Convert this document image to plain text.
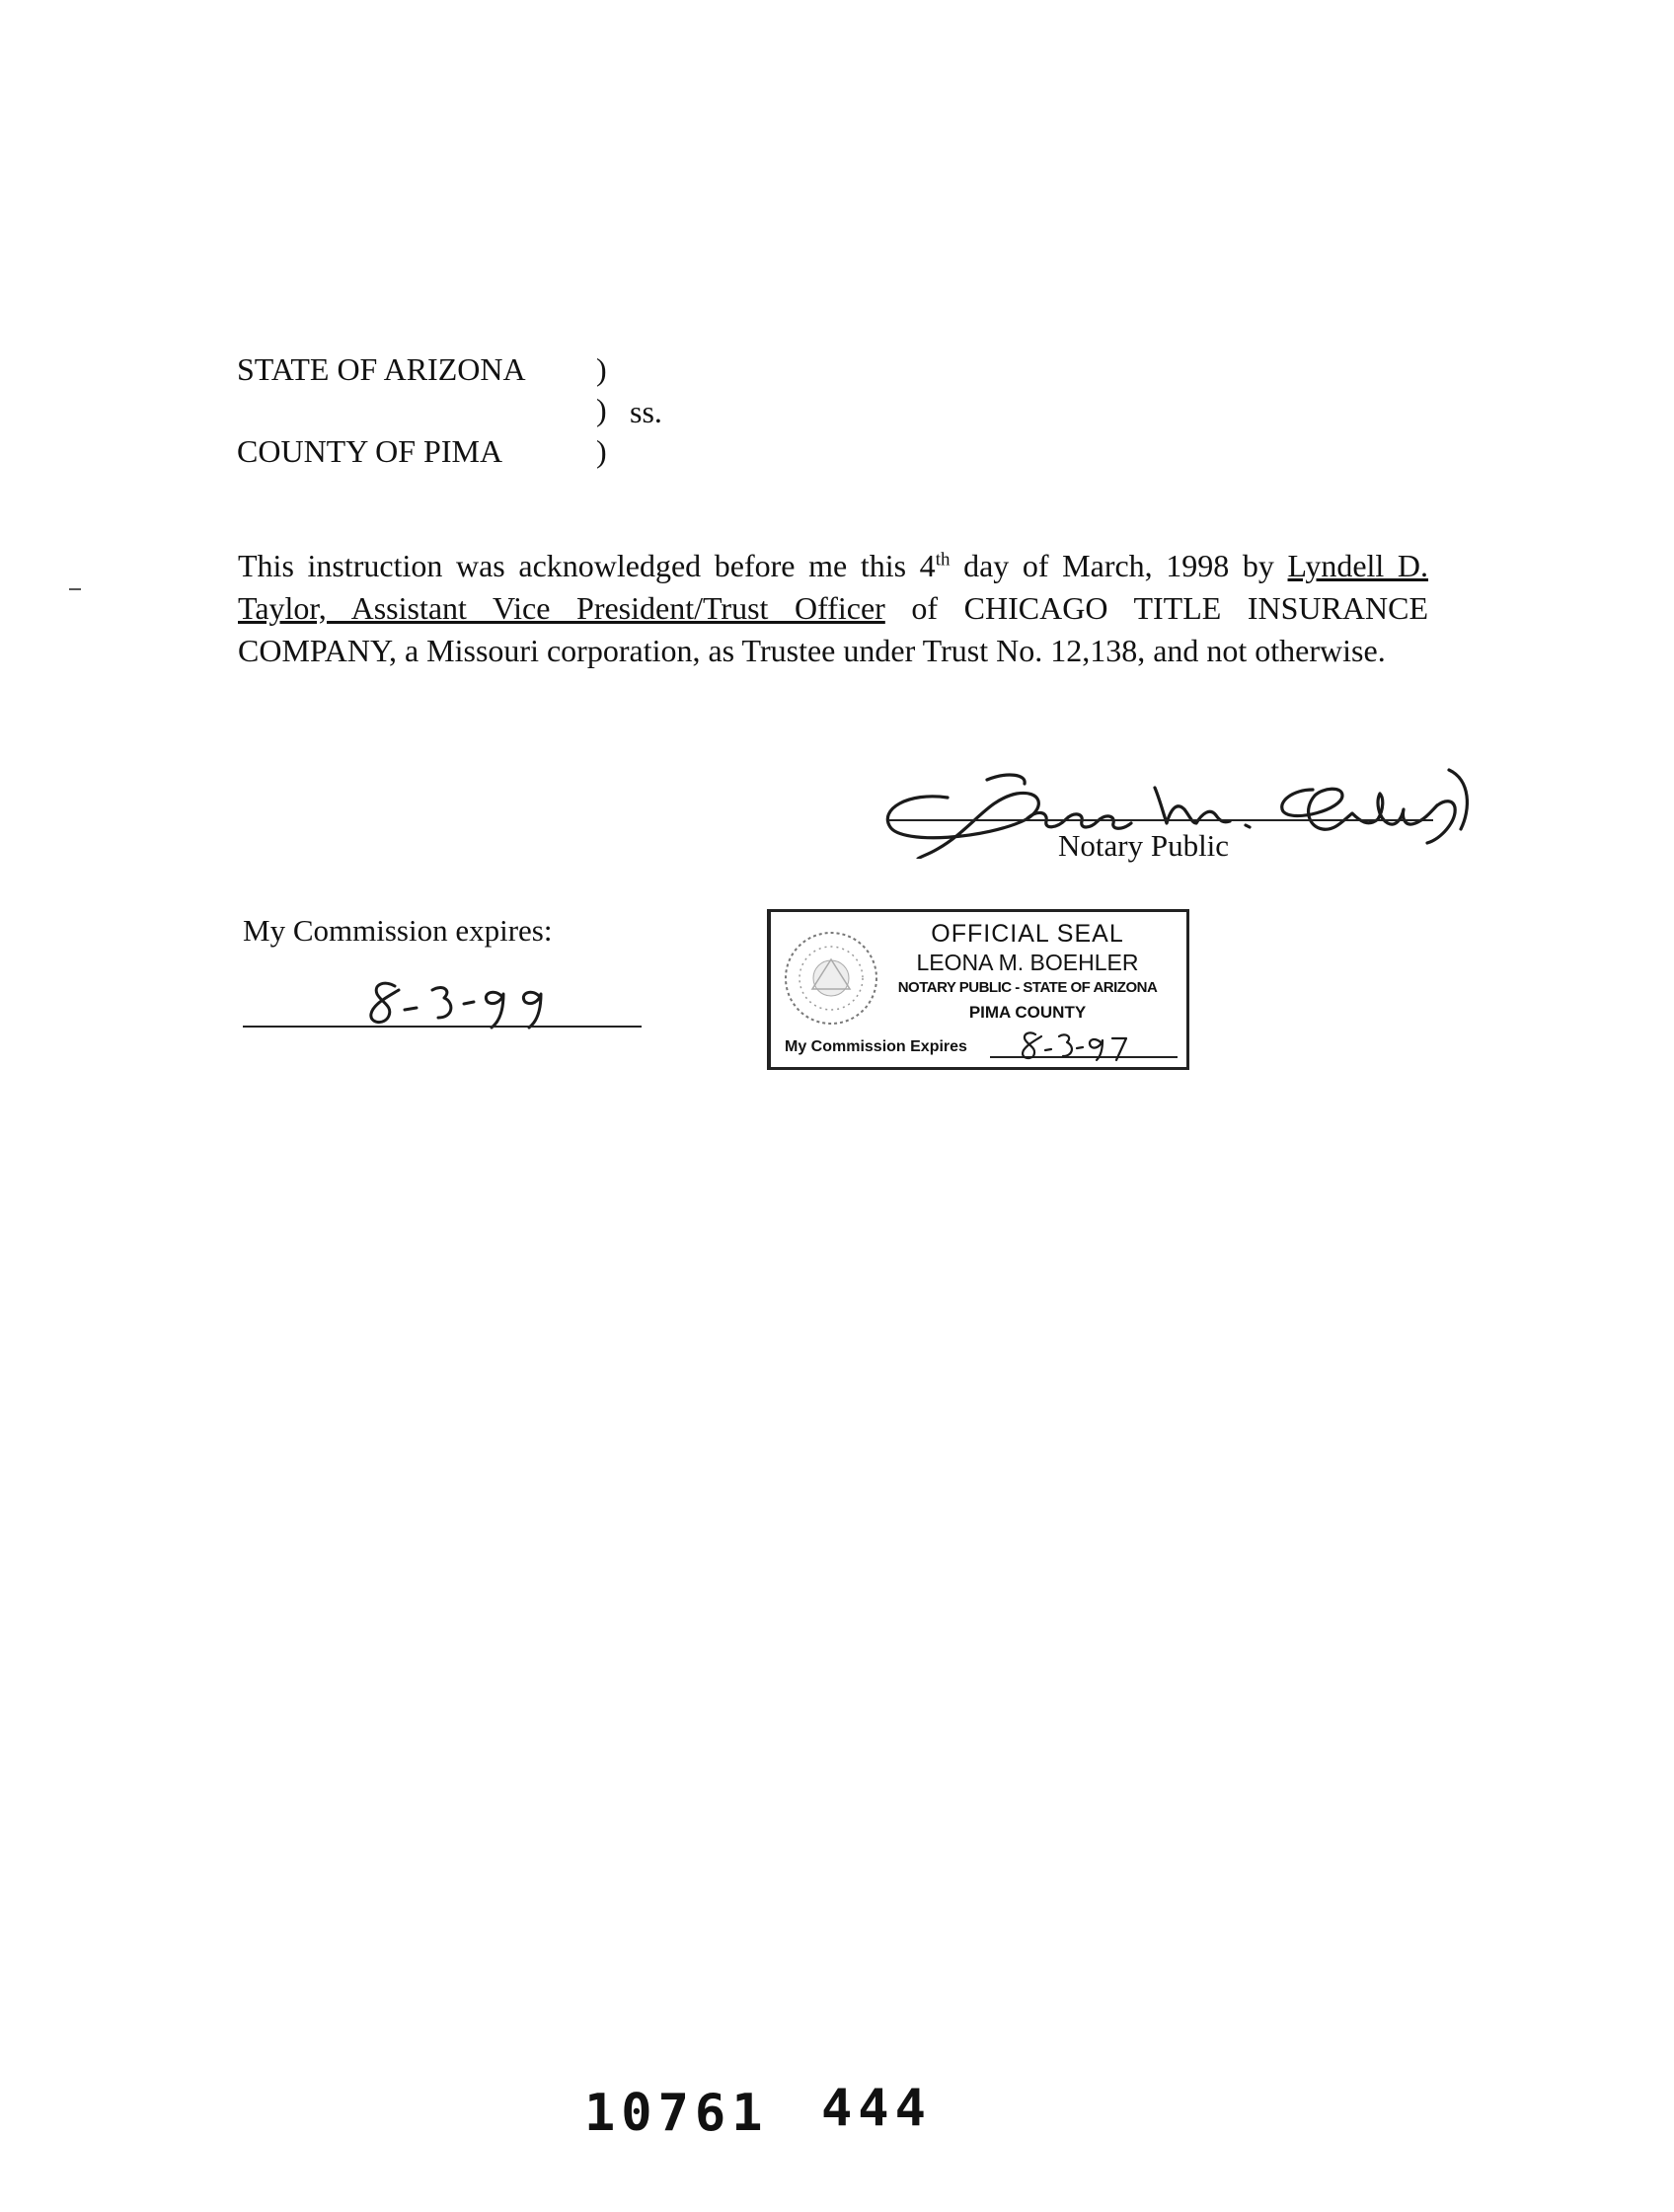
STATE OF ARIZONA )
) ss.
COUNTY OF PIMA	)
This instruction was acknowledged before me this 4th day of March, 1998 by Lyndell D. Taylor, Assistant Vice President/Trust Officer of CHICAGO TITLE INSURANCE COMPANY, a Missouri corporation, as Trustee under Trust No. 12,138, and not otherwise.
Notary Public
My Commission expires:	OFFICIAL SEAL
LEONA M. BOEHLER
NOTARY PUBLIC - STATE OF ARIZONA
PIMA COUNTY
My Commission Expires
10761 444
